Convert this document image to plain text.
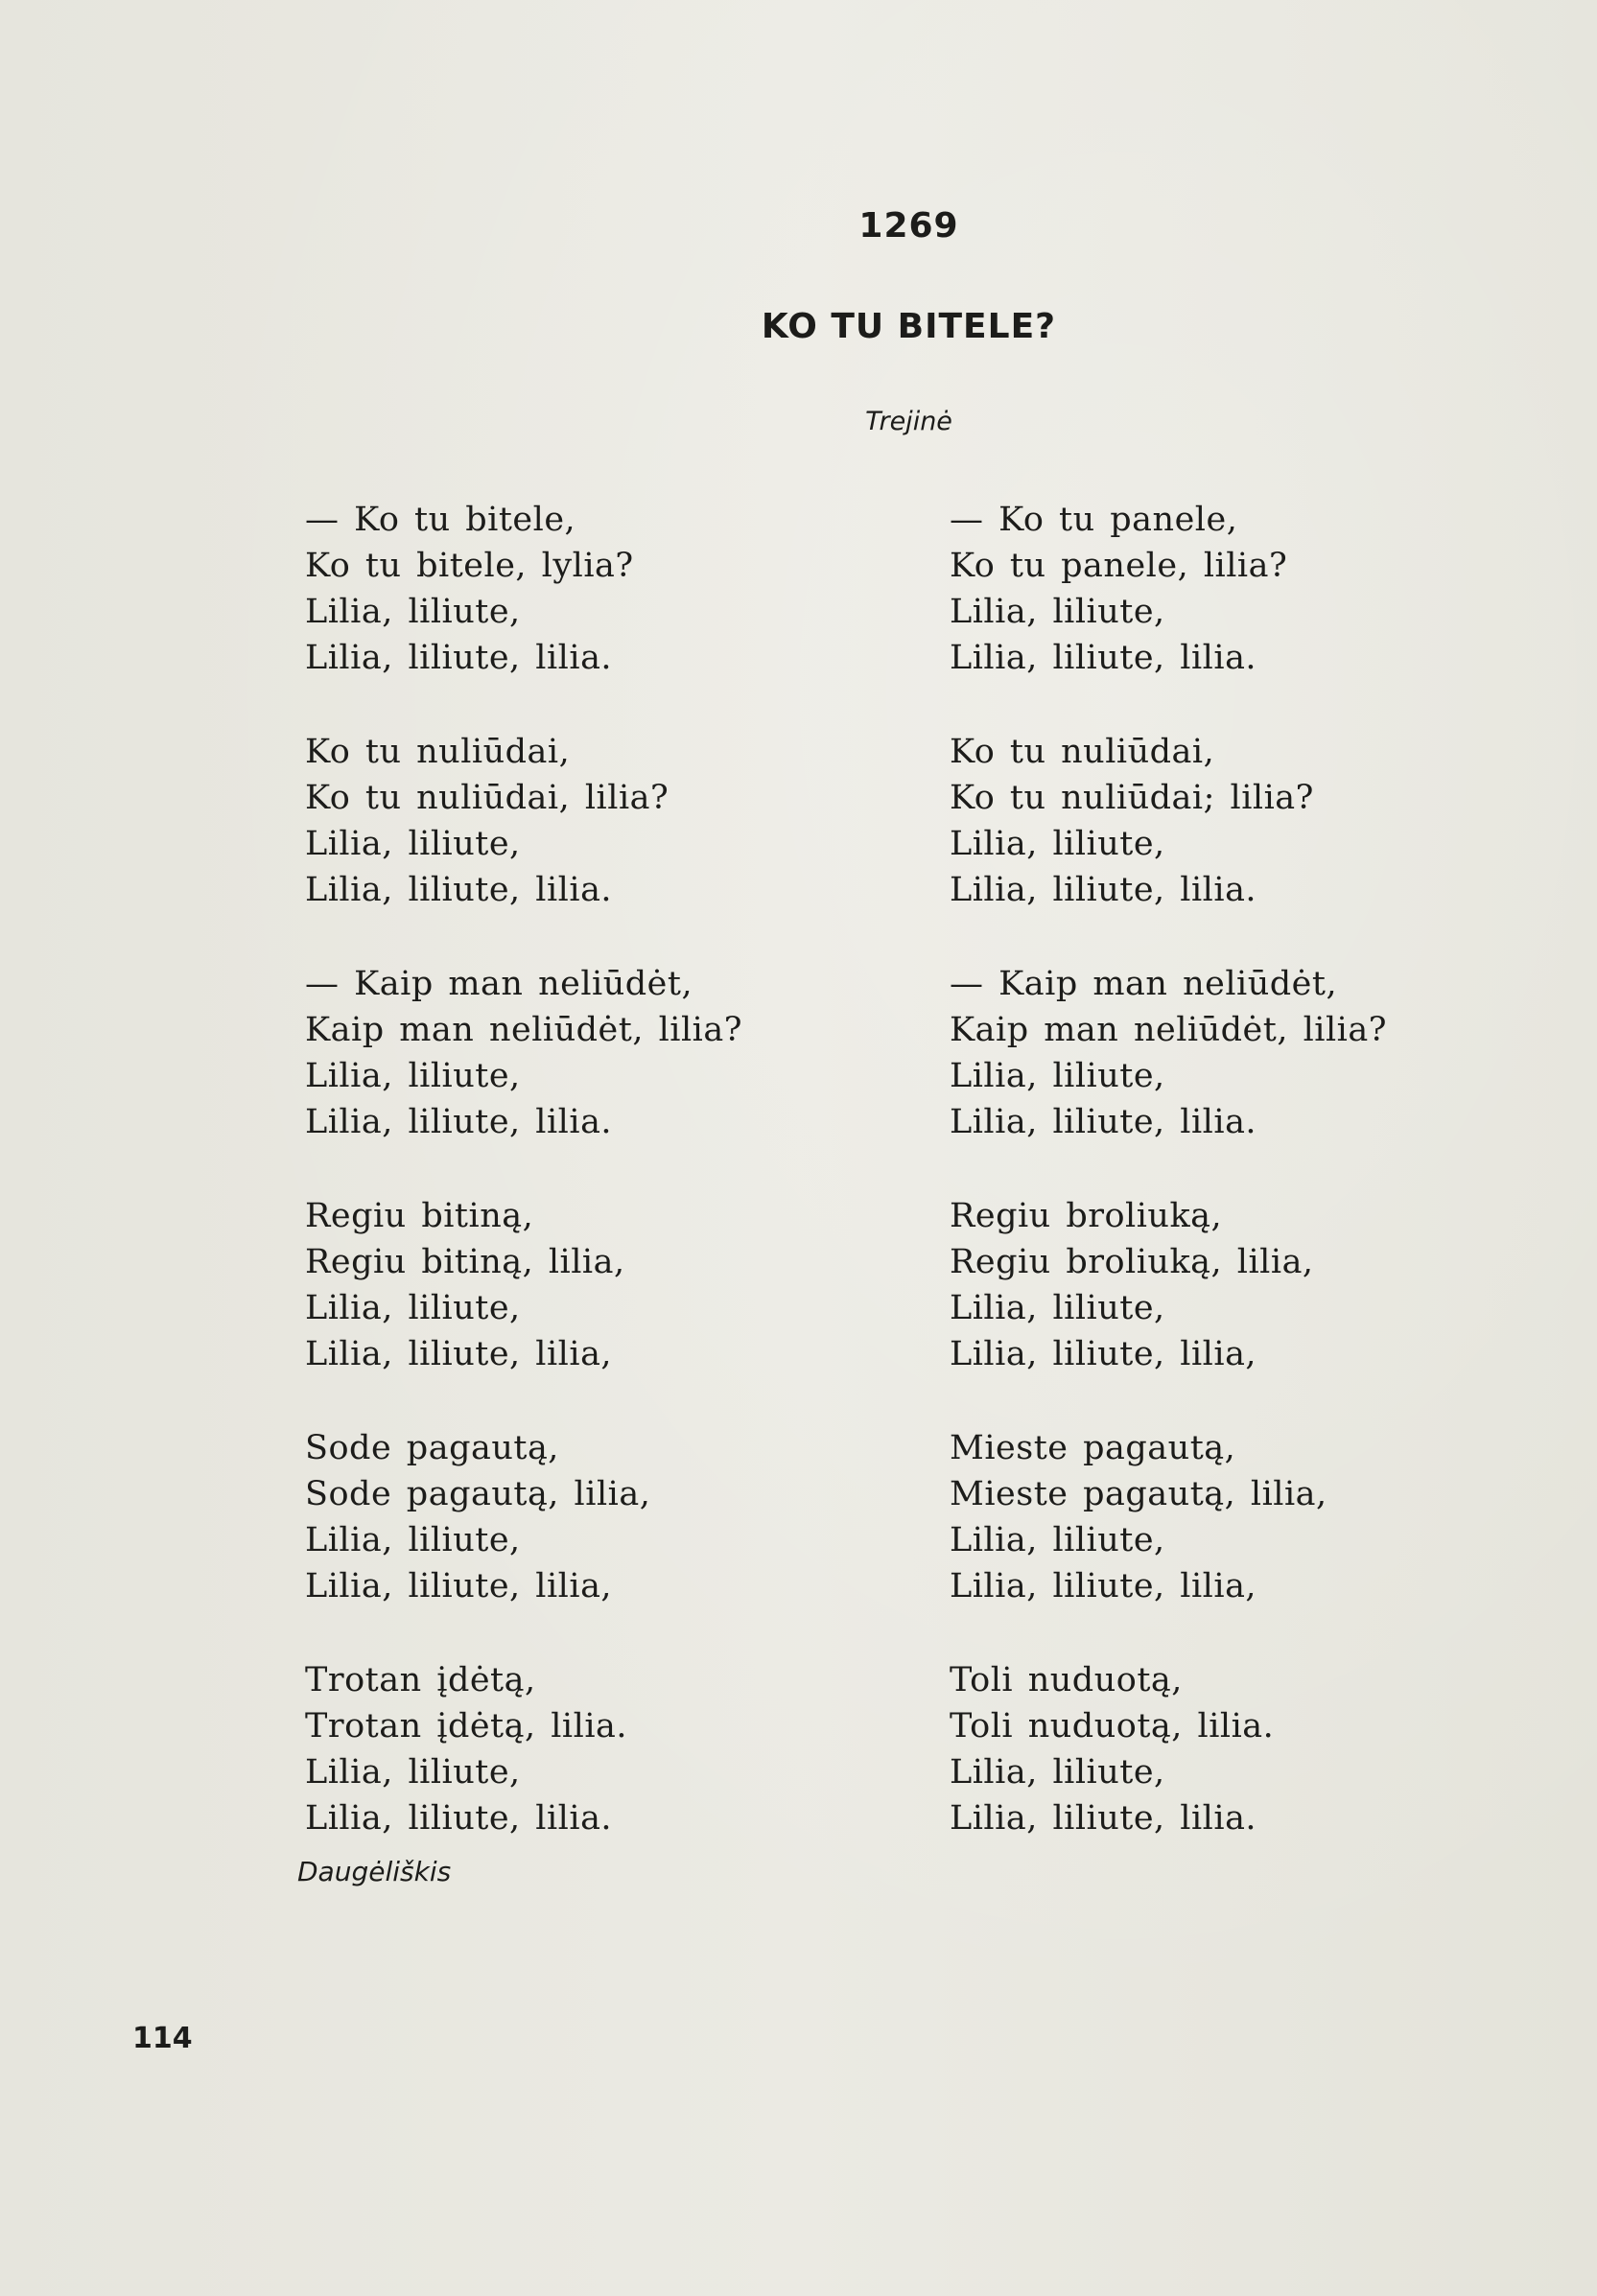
1269
KO TU BITELE?
Trejinė
— Ko tu bitele,
Ko tu bitele, lylia?
Lilia, liliute,
Lilia, liliute, lilia.
Ko tu nuliūdai,
Ko tu nuliūdai, lilia?
Lilia, liliute,
Lilia, liliute, lilia.
— Kaip man neliūdėt,
Kaip man neliūdėt, lilia?
Lilia, liliute,
Lilia, liliute, lilia.
Regiu bitiną,
Regiu bitiną, lilia,
Lilia, liliute,
Lilia, liliute, lilia,
Sode pagautą,
Sode pagautą, lilia,
Lilia, liliute,
Lilia, liliute, lilia,
Trotan įdėtą,
Trotan įdėtą, lilia.
Lilia, liliute,
Lilia, liliute, lilia.
— Ko tu panele,
Ko tu panele, lilia?
Lilia, liliute,
Lilia, liliute, lilia.
Ko tu nuliūdai,
Ko tu nuliūdai; lilia?
Lilia, liliute,
Lilia, liliute, lilia.
— Kaip man neliūdėt,
Kaip man neliūdėt, lilia?
Lilia, liliute,
Lilia, liliute, lilia.
Regiu broliuką,
Regiu broliuką, lilia,
Lilia, liliute,
Lilia, liliute, lilia,
Mieste pagautą,
Mieste pagautą, lilia,
Lilia, liliute,
Lilia, liliute, lilia,
Toli nuduotą,
Toli nuduotą, lilia.
Lilia, liliute,
Lilia, liliute, lilia.
Daugėliškis
114
